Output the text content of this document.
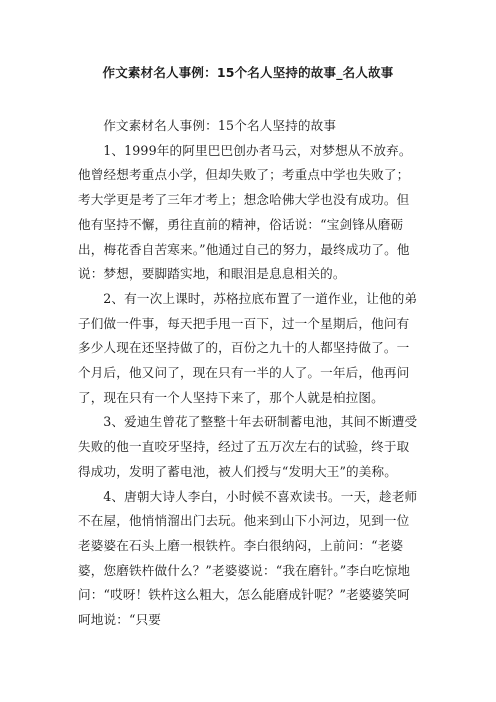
作文素材名人事例：15个名人坚持的故事_名人故事

作文素材名人事例：15个名人坚持的故事

1、1999年的阿里巴巴创办者马云，对梦想从不放弃。他曾经想考重点小学，但却失败了；考重点中学也失败了；考大学更是考了三年才考上；想念哈佛大学也没有成功。但他有坚持不懈，勇往直前的精神，俗话说：“宝剑锋从磨砺出，梅花香自苦寒来。”他通过自己的努力，最终成功了。他说：梦想，要脚踏实地，和眼泪是息息相关的。

2、有一次上课时，苏格拉底布置了一道作业，让他的弟子们做一件事，每天把手甩一百下，过一个星期后，他问有多少人现在还坚持做了的，百份之九十的人都坚持做了。一个月后，他又问了，现在只有一半的人了。一年后，他再问了，现在只有一个人坚持下来了，那个人就是柏拉图。

3、爱迪生曾花了整整十年去研制蓄电池，其间不断遭受失败的他一直咬牙坚持，经过了五万次左右的试验，终于取得成功，发明了蓄电池，被人们授与“发明大王”的美称。

4、唐朝大诗人李白，小时候不喜欢读书。一天，趁老师不在屋，他悄悄溜出门去玩。他来到山下小河边，见到一位老婆婆在石头上磨一根铁杵。李白很纳闷，上前问：“老婆婆，您磨铁杵做什么？”老婆婆说：“我在磨针。”李白吃惊地问：“哎呀！铁杵这么粗大，怎么能磨成针呢？”老婆婆笑呵呵地说：“只要
